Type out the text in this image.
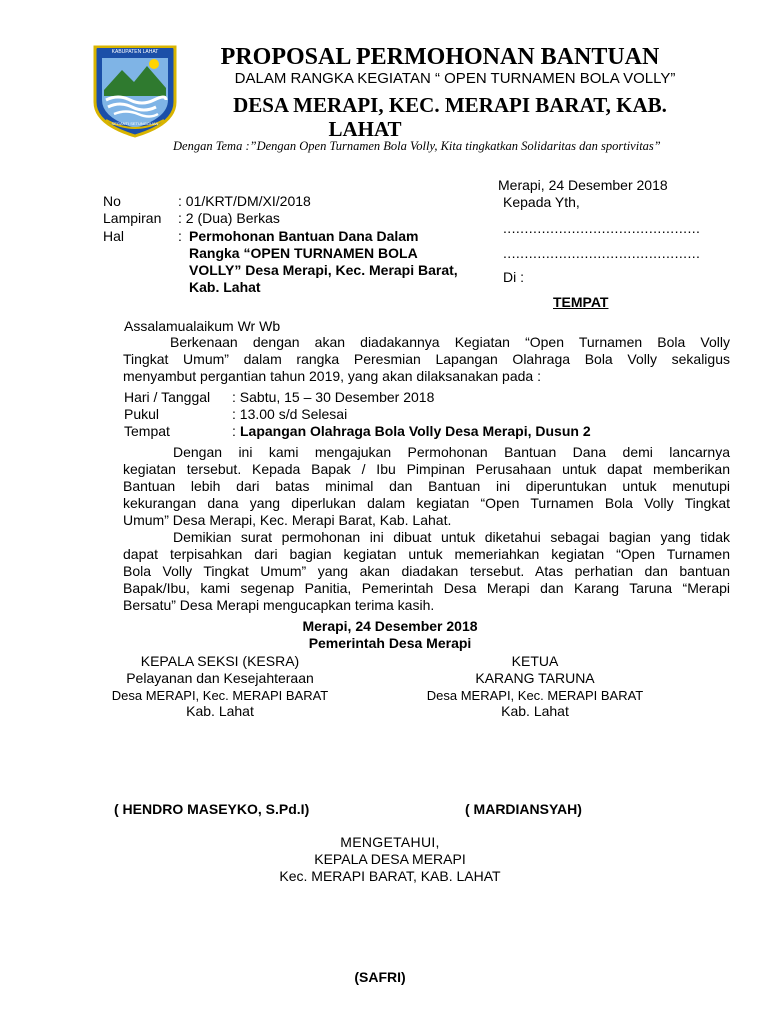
KABUPATEN LAHAT
SEGANTI SETUNGGUAN
PROPOSAL PERMOHONAN BANTUAN
DALAM RANGKA KEGIATAN “ OPEN TURNAMEN BOLA VOLLY”
DESA MERAPI, KEC. MERAPI BARAT, KAB.
LAHAT
Dengan Tema :”Dengan Open Turnamen Bola Volly, Kita tingkatkan Solidaritas dan sportivitas”
No	: 01/KRT/DM/XI/2018
Lampiran : 2 (Dua) Berkas
Hal	: Permohonan Bantuan Dana Dalam
Rangka “OPEN TURNAMEN BOLA
VOLLY” Desa Merapi, Kec. Merapi Barat,
Kab. Lahat
Merapi, 24 Desember 2018
Kepada Yth,
..............................................
..............................................
Di :
TEMPAT
Assalamualaikum Wr Wb
Berkenaan dengan akan diadakannya Kegiatan “Open Turnamen Bola Volly
Tingkat Umum” dalam rangka Peresmian Lapangan Olahraga Bola Volly sekaligus
menyambut pergantian tahun 2019, yang akan dilaksanakan pada :
Hari / Tanggal : Sabtu, 15 – 30 Desember 2018
Pukul	: 13.00 s/d Selesai
Tempat	: Lapangan Olahraga Bola Volly Desa Merapi, Dusun 2
Dengan ini kami mengajukan Permohonan Bantuan Dana demi lancarnya
kegiatan tersebut. Kepada Bapak / Ibu Pimpinan Perusahaan untuk dapat memberikan
Bantuan lebih dari batas minimal dan Bantuan ini diperuntukan untuk menutupi
kekurangan dana yang diperlukan dalam kegiatan “Open Turnamen Bola Volly Tingkat
Umum” Desa Merapi, Kec. Merapi Barat, Kab. Lahat.
Demikian surat permohonan ini dibuat untuk diketahui sebagai bagian yang tidak
dapat terpisahkan dari bagian kegiatan untuk memeriahkan kegiatan “Open Turnamen
Bola Volly Tingkat Umum” yang akan diadakan tersebut. Atas perhatian dan bantuan
Bapak/Ibu, kami segenap Panitia, Pemerintah Desa Merapi dan Karang Taruna “Merapi
Bersatu” Desa Merapi mengucapkan terima kasih.
Merapi, 24 Desember 2018
Pemerintah Desa Merapi
KEPALA SEKSI (KESRA)
Pelayanan dan Kesejahteraan
Desa MERAPI, Kec. MERAPI BARAT
Kab. Lahat
( HENDRO MASEYKO, S.Pd.I)
KETUA
KARANG TARUNA
Desa MERAPI, Kec. MERAPI BARAT
Kab. Lahat
( MARDIANSYAH)
MENGETAHUI,
KEPALA DESA MERAPI
Kec. MERAPI BARAT, KAB. LAHAT
(SAFRI)
